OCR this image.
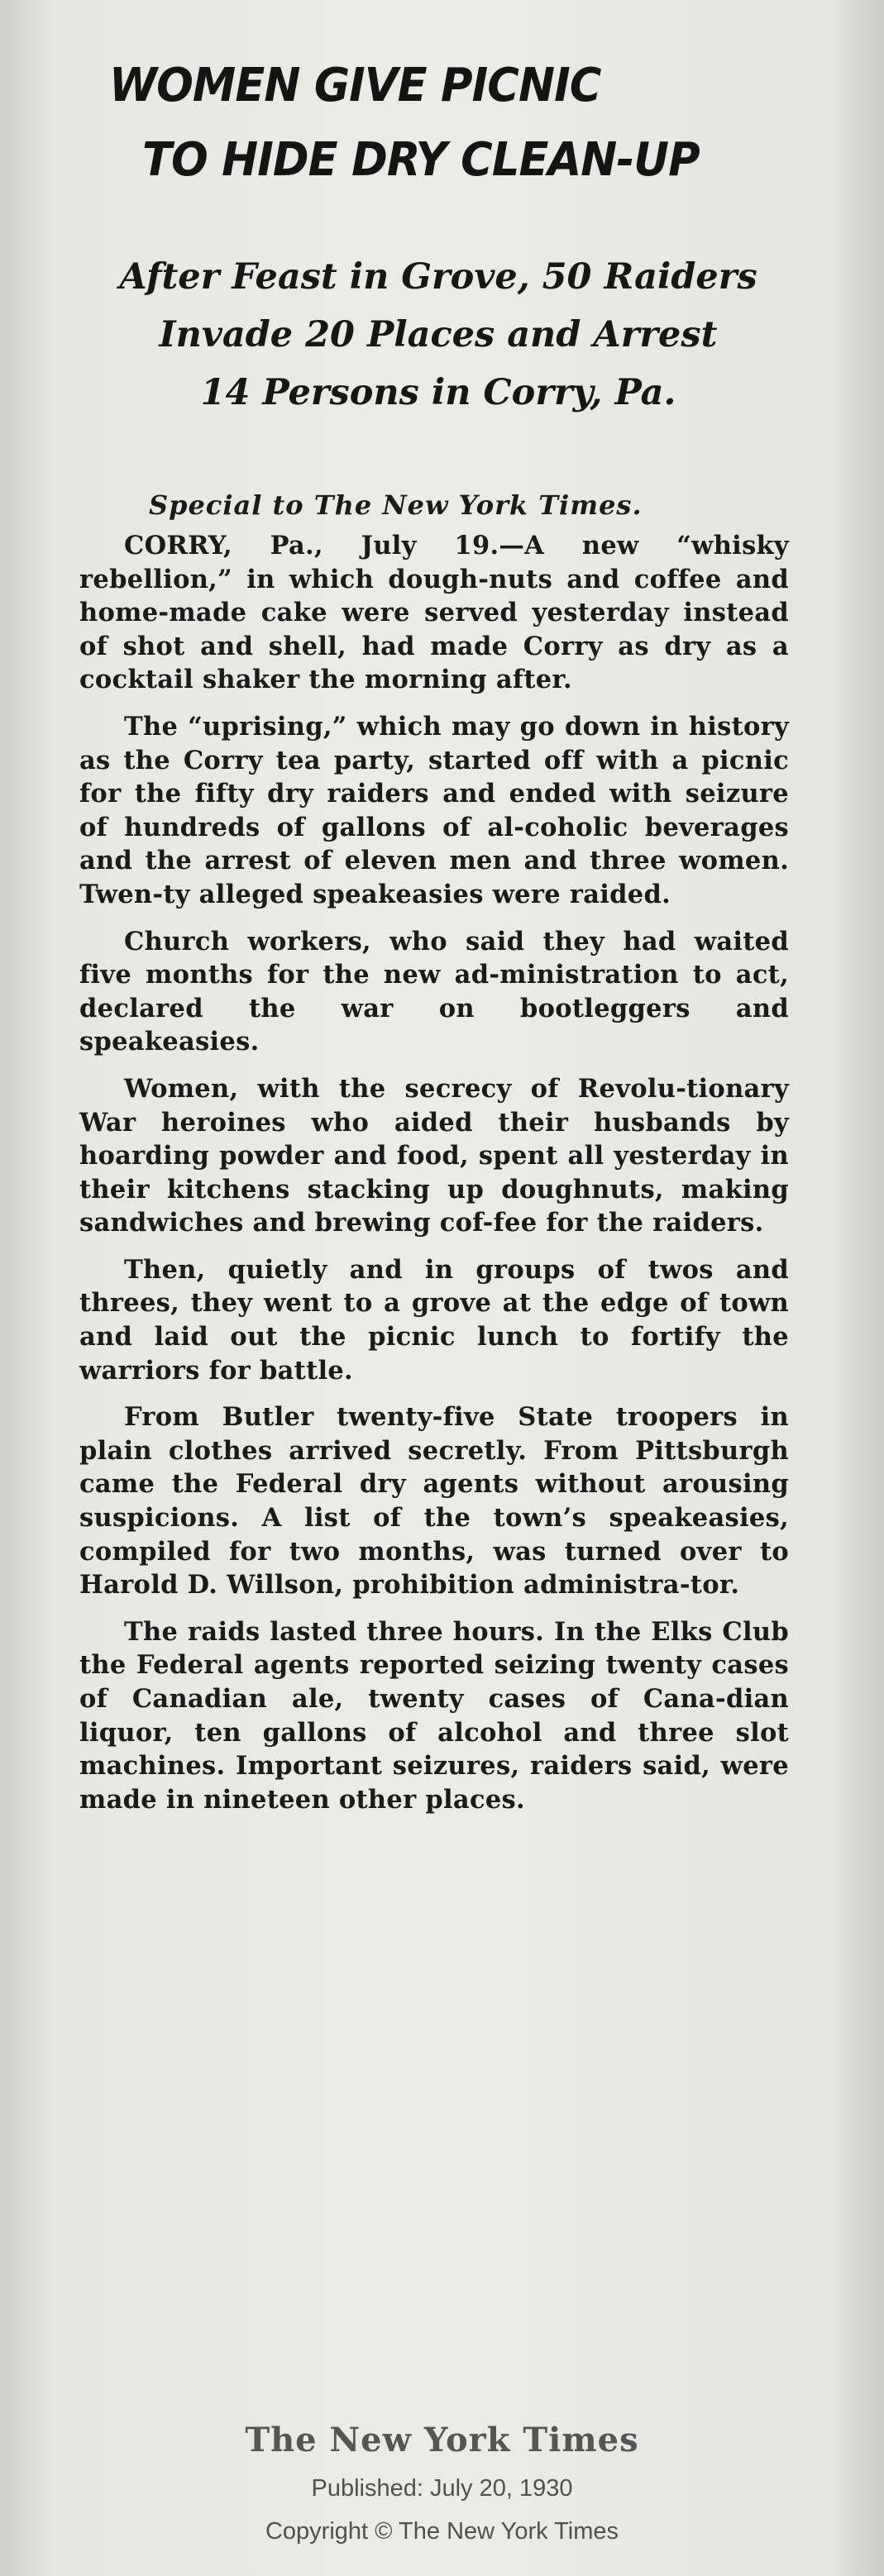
WOMEN GIVE PICNIC
TO HIDE DRY CLEAN-UP
After Feast in Grove, 50 Raiders
Invade 20 Places and Arrest
14 Persons in Corry, Pa.
Special to The New York Times.

CORRY, Pa., July 19.—A new “whisky rebellion,” in which dough-nuts and coffee and home-made cake were served yesterday instead of shot and shell, had made Corry as dry as a cocktail shaker the morning after.

The “uprising,” which may go down in history as the Corry tea party, started off with a picnic for the fifty dry raiders and ended with seizure of hundreds of gallons of al-coholic beverages and the arrest of eleven men and three women. Twen-ty alleged speakeasies were raided.

Church workers, who said they had waited five months for the new ad-ministration to act, declared the war on bootleggers and speakeasies.

Women, with the secrecy of Revolu-tionary War heroines who aided their husbands by hoarding powder and food, spent all yesterday in their kitchens stacking up doughnuts, making sandwiches and brewing cof-fee for the raiders.

Then, quietly and in groups of twos and threes, they went to a grove at the edge of town and laid out the picnic lunch to fortify the warriors for battle.

From Butler twenty-five State troopers in plain clothes arrived secretly. From Pittsburgh came the Federal dry agents without arousing suspicions. A list of the town’s speakeasies, compiled for two months, was turned over to Harold D. Willson, prohibition administra-tor.

The raids lasted three hours. In the Elks Club the Federal agents reported seizing twenty cases of Canadian ale, twenty cases of Cana-dian liquor, ten gallons of alcohol and three slot machines. Important seizures, raiders said, were made in nineteen other places.

The New York Times
Published: July 20, 1930
Copyright © The New York Times
